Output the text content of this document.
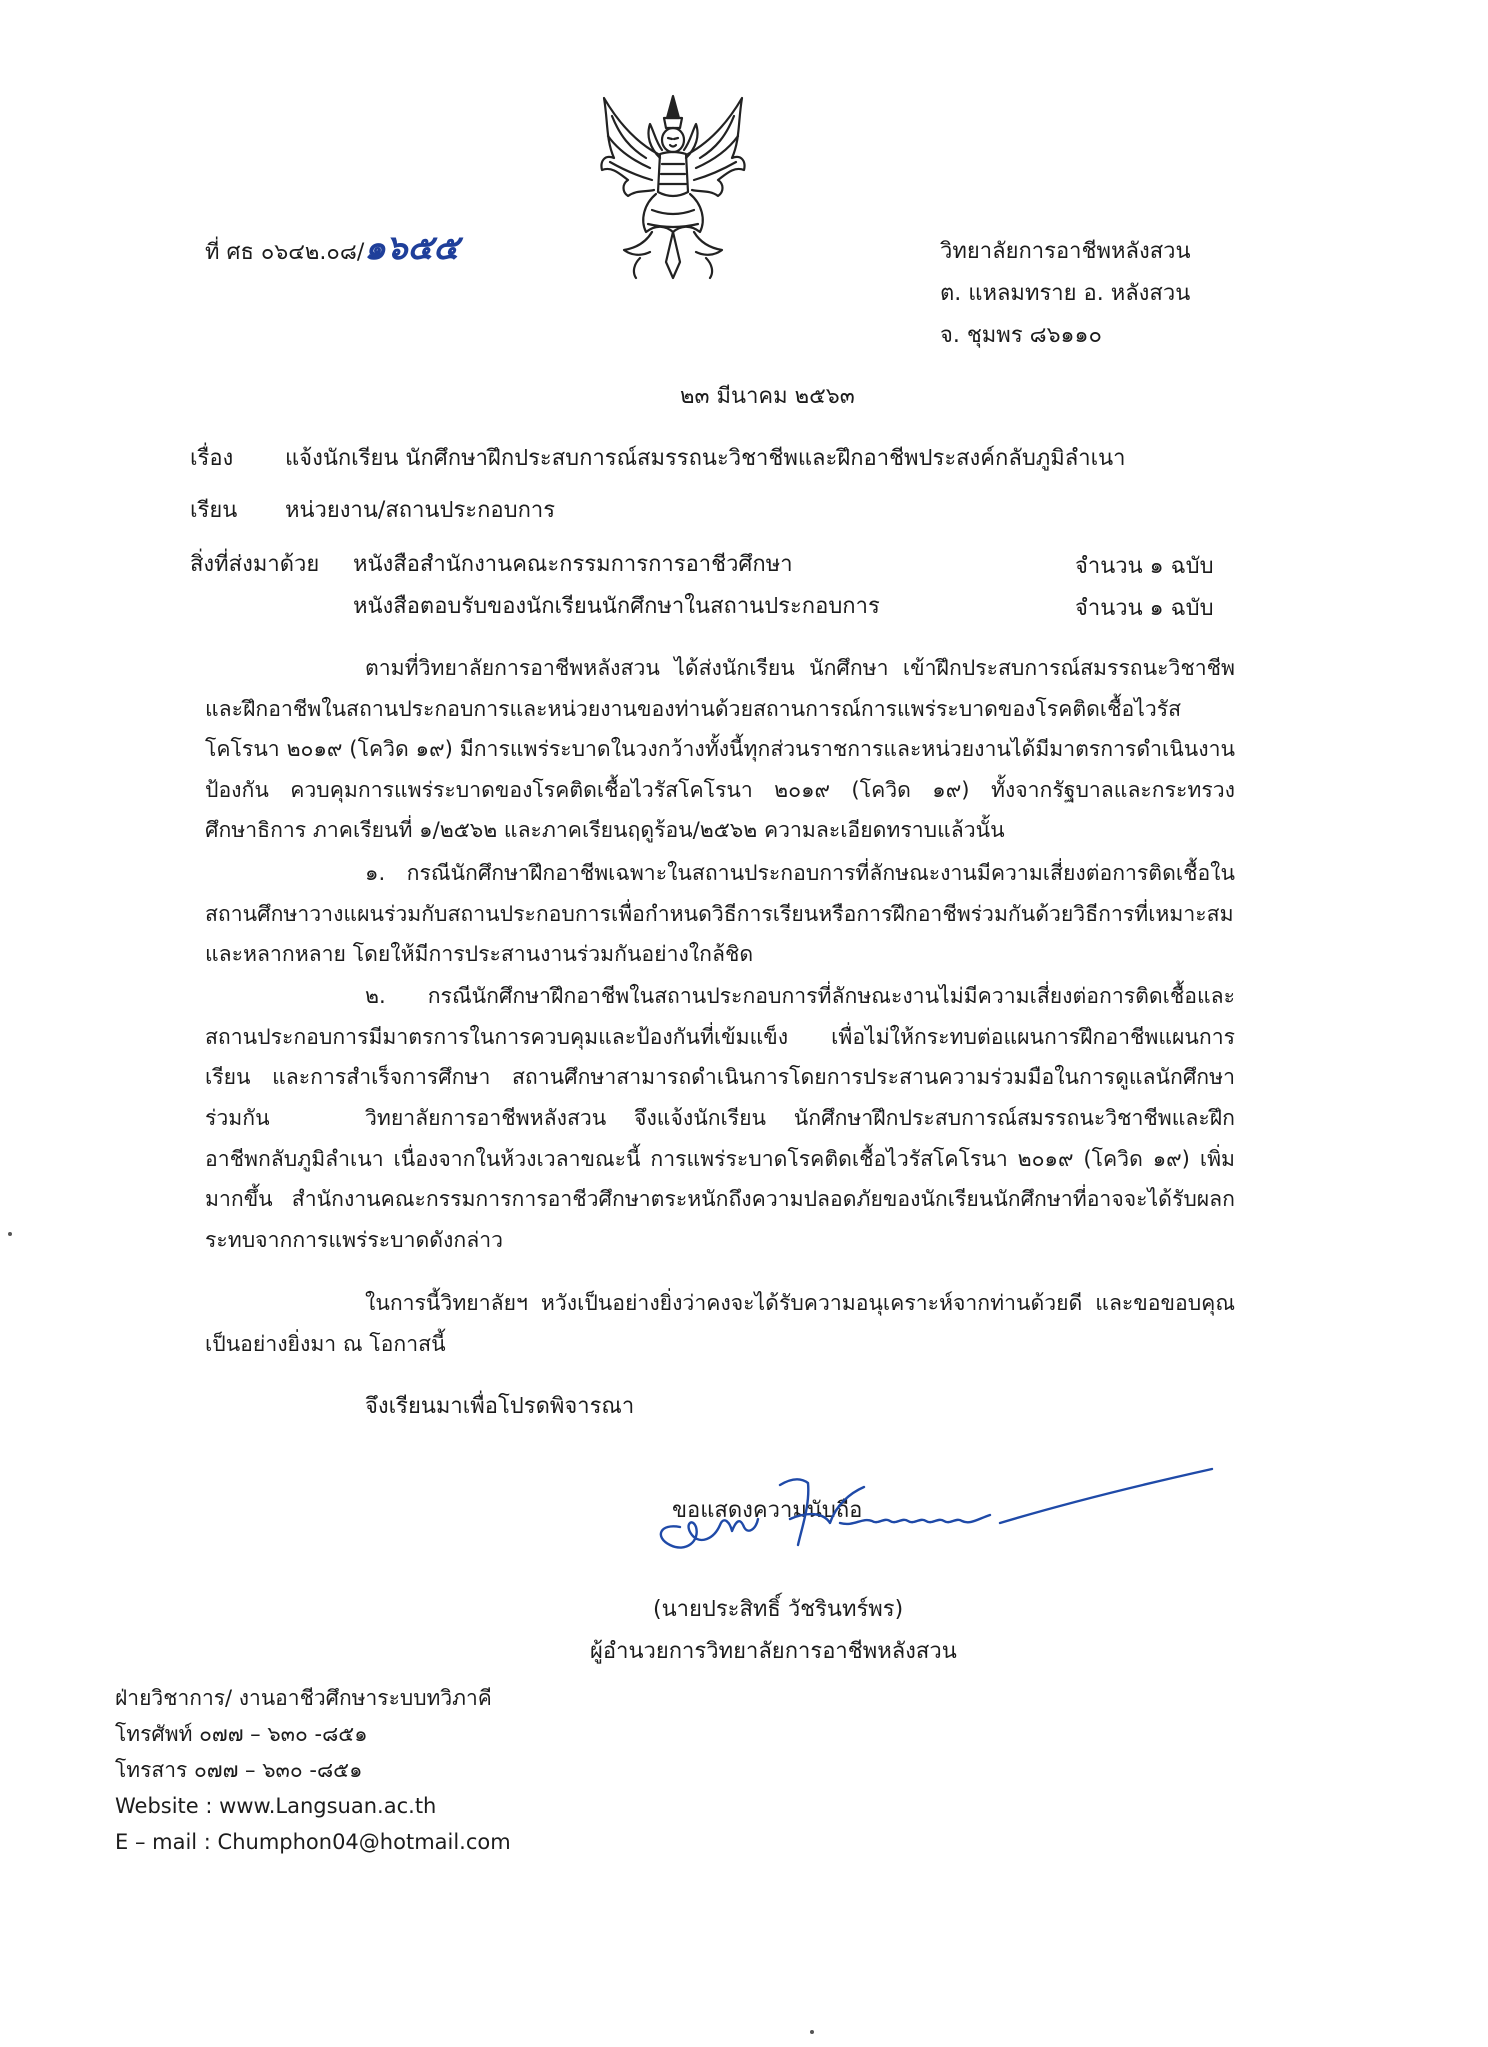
ที่ ศธ ๐๖๔๒.๐๘/๑๖๕๕	วิทยาลัยการอาชีพหลังสวน
ต. แหลมทราย อ. หลังสวน
จ. ชุมพร ๘๖๑๑๐
๒๓ มีนาคม ๒๕๖๓
เรื่อง แจ้งนักเรียน นักศึกษาฝึกประสบการณ์สมรรถนะวิชาชีพและฝึกอาชีพประสงค์กลับภูมิลำเนา
เรียน หน่วยงาน/สถานประกอบการ
สิ่งที่ส่งมาด้วย หนังสือสำนักงานคณะกรรมการการอาชีวศึกษา	จำนวน ๑ ฉบับ
หนังสือตอบรับของนักเรียนนักศึกษาในสถานประกอบการ	จำนวน ๑ ฉบับ
ตามที่วิทยาลัยการอาชีพหลังสวน ได้ส่งนักเรียน นักศึกษา เข้าฝึกประสบการณ์สมรรถนะวิชาชีพและฝึกอาชีพในสถานประกอบการและหน่วยงานของท่านด้วยสถานการณ์การแพร่ระบาดของโรคติดเชื้อไวรัสโคโรนา ๒๐๑๙ (โควิด ๑๙) มีการแพร่ระบาดในวงกว้างทั้งนี้ทุกส่วนราชการและหน่วยงานได้มีมาตรการดำเนินงานป้องกัน ควบคุมการแพร่ระบาดของโรคติดเชื้อไวรัสโคโรนา ๒๐๑๙ (โควิด ๑๙) ทั้งจากรัฐบาลและกระทรวงศึกษาธิการ ภาคเรียนที่ ๑/๒๕๖๒ และภาคเรียนฤดูร้อน/๒๕๖๒ ความละเอียดทราบแล้วนั้น
๑. กรณีนักศึกษาฝึกอาชีพเฉพาะในสถานประกอบการที่ลักษณะงานมีความเสี่ยงต่อการติดเชื้อในสถานศึกษาวางแผนร่วมกับสถานประกอบการเพื่อกำหนดวิธีการเรียนหรือการฝึกอาชีพร่วมกันด้วยวิธีการที่เหมาะสมและหลากหลาย โดยให้มีการประสานงานร่วมกันอย่างใกล้ชิด
๒. กรณีนักศึกษาฝึกอาชีพในสถานประกอบการที่ลักษณะงานไม่มีความเสี่ยงต่อการติดเชื้อและสถานประกอบการมีมาตรการในการควบคุมและป้องกันที่เข้มแข็ง เพื่อไม่ให้กระทบต่อแผนการฝึกอาชีพแผนการเรียน และการสำเร็จการศึกษา สถานศึกษาสามารถดำเนินการโดยการประสานความร่วมมือในการดูแลนักศึกษาร่วมกัน	วิทยาลัยการอาชีพหลังสวน จึงแจ้งนักเรียน นักศึกษาฝึกประสบการณ์สมรรถนะวิชาชีพและฝึกอาชีพกลับภูมิลำเนา เนื่องจากในห้วงเวลาขณะนี้ การแพร่ระบาดโรคติดเชื้อไวรัสโคโรนา ๒๐๑๙ (โควิด ๑๙) เพิ่มมากขึ้น สำนักงานคณะกรรมการการอาชีวศึกษาตระหนักถึงความปลอดภัยของนักเรียนนักศึกษาที่อาจจะได้รับผลกระทบจากการแพร่ระบาดดังกล่าว
ในการนี้วิทยาลัยฯ หวังเป็นอย่างยิ่งว่าคงจะได้รับความอนุเคราะห์จากท่านด้วยดี และขอขอบคุณเป็นอย่างยิ่งมา ณ โอกาสนี้
จึงเรียนมาเพื่อโปรดพิจารณา
ขอแสดงความนับถือ
(นายประสิทธิ์ วัชรินทร์พร)
ผู้อำนวยการวิทยาลัยการอาชีพหลังสวน
ฝ่ายวิชาการ/ งานอาชีวศึกษาระบบทวิภาคี
โทรศัพท์ ๐๗๗ – ๖๓๐ -๘๕๑
โทรสาร ๐๗๗ – ๖๓๐ -๘๕๑
Website : www.Langsuan.ac.th
E – mail : Chumphon04@hotmail.com
